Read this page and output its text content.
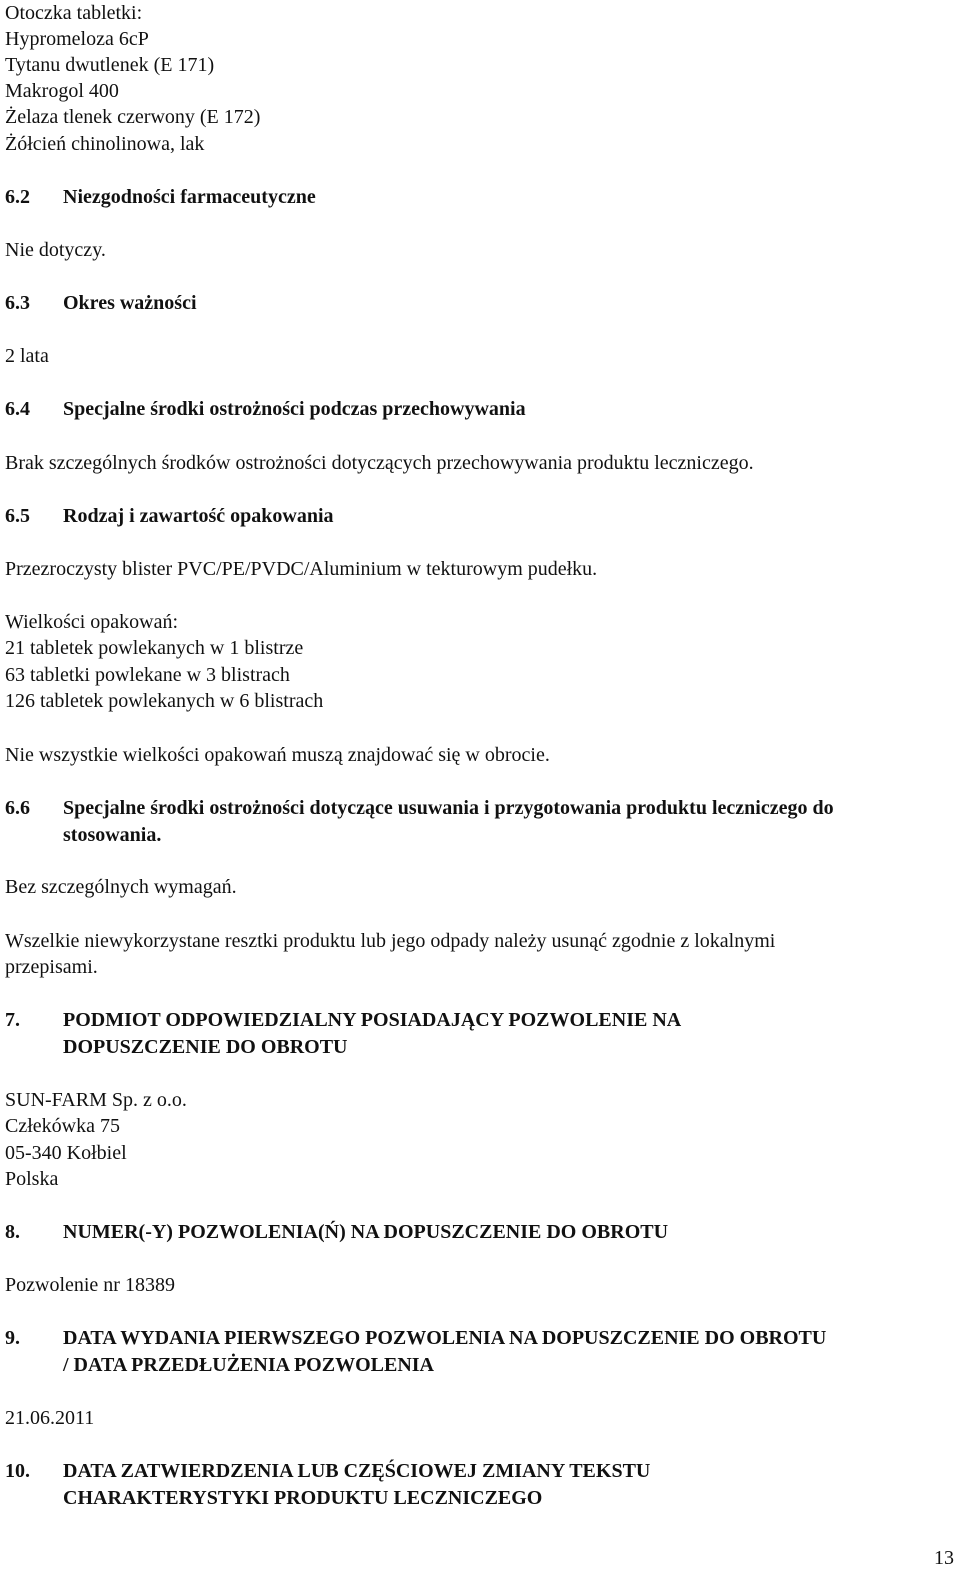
Otoczka tabletki:

Hypromeloza 6cP

Tytanu dwutlenek (E 171)

Makrogol 400

Żelaza tlenek czerwony (E 172)

Żółcień chinolinowa, lak

6.2 Niezgodności farmaceutyczne

Nie dotyczy.

6.3 Okres ważności

2 lata

6.4 Specjalne środki ostrożności podczas przechowywania

Brak szczególnych środków ostrożności dotyczących przechowywania produktu leczniczego.

6.5 Rodzaj i zawartość opakowania

Przezroczysty blister PVC/PE/PVDC/Aluminium w tekturowym pudełku.

Wielkości opakowań:

21 tabletek powlekanych w 1 blistrze

63 tabletki powlekane w 3 blistrach

126 tabletek powlekanych w 6 blistrach

Nie wszystkie wielkości opakowań muszą znajdować się w obrocie.

6.6 Specjalne środki ostrożności dotyczące usuwania i przygotowania produktu leczniczego do
stosowania.

Bez szczególnych wymagań.

Wszelkie niewykorzystane resztki produktu lub jego odpady należy usunąć zgodnie z lokalnymi

przepisami.

7. PODMIOT ODPOWIEDZIALNY POSIADAJĄCY POZWOLENIE NA
DOPUSZCZENIE DO OBROTU

SUN-FARM Sp. z o.o.

Człekówka 75

05-340 Kołbiel

Polska

8. NUMER(-Y) POZWOLENIA(Ń) NA DOPUSZCZENIE DO OBROTU

Pozwolenie nr 18389

9. DATA WYDANIA PIERWSZEGO POZWOLENIA NA DOPUSZCZENIE DO OBROTU
/ DATA PRZEDŁUŻENIA POZWOLENIA

21.06.2011

10. DATA ZATWIERDZENIA LUB CZĘŚCIOWEJ ZMIANY TEKSTU
CHARAKTERYSTYKI PRODUKTU LECZNICZEGO
13
